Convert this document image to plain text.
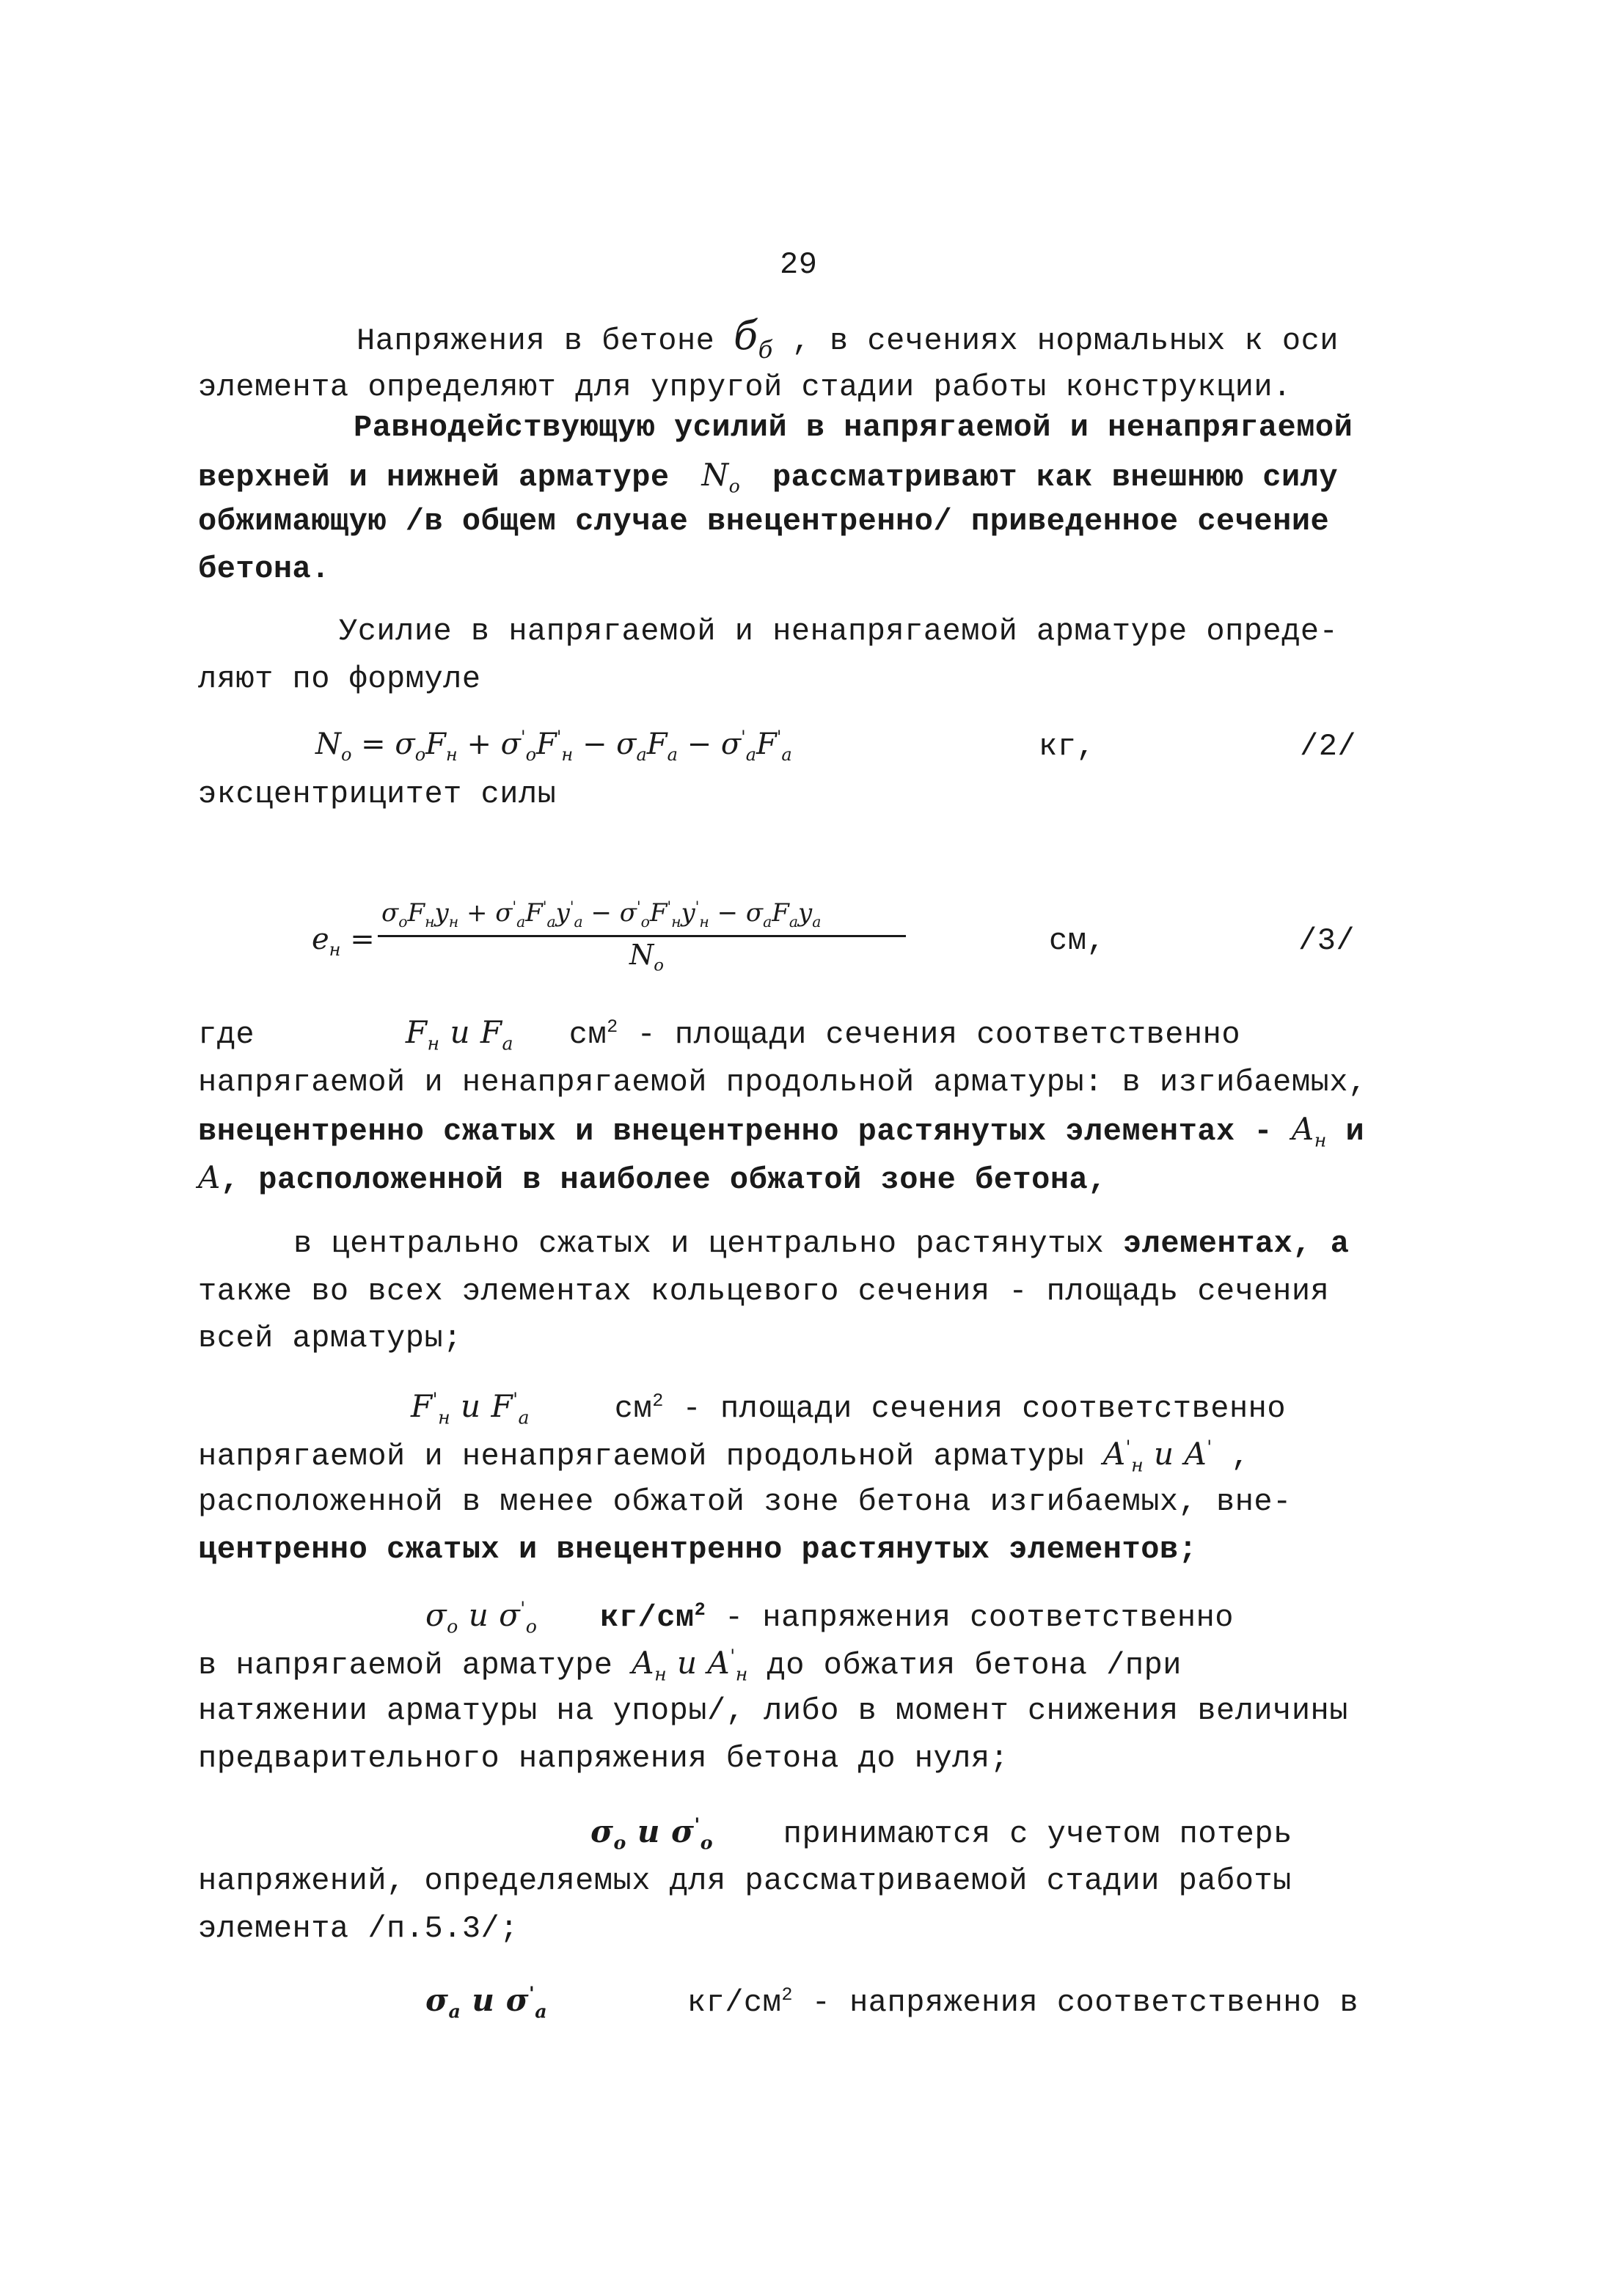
29
Напряжения в бетоне $б_б$ , в сечениях нормальных к оси
элемента определяют для упругой стадии работы конструкции.
Равнодействующую усилий в напрягаемой и ненапрягаемой
верхней и нижней арматуре $N_о$ рассматривают как внешнюю силу
обжимающую /в общем случае внецентренно/ приведенное сечение
бетона.
Усилие в напрягаемой и ненапрягаемой арматуре опреде-
ляют по формуле
$N_o = \sigma_oF_н + \sigma'_oF'_н - \sigma_aF_a - \sigma'_aF'_a$	кг,	/2/
эксцентрицитет силы
$e_н$ =
$\sigma_oF_нy_н + \sigma'_aF'_ay'_a - \sigma'_oF'_нy'_н - \sigma_aF_ay_a$
$N_o$
см,	/3/
где	$F_н$ и $F_a$ $см^2$ - площади сечения соответственно
напрягаемой и ненапрягаемой продольной арматуры: в изгибаемых,
внецентренно сжатых и внецентренно растянутых элементах - $A_н$ и
A, расположенной в наиболее обжатой зоне бетона,
в центрально сжатых и центрально растянутых элементах, а
также во всех элементах кольцевого сечения - площадь сечения
всей арматуры;
$F'_н$ и $F'_a$	$см^2$ - площади сечения соответственно
напрягаемой и ненапрягаемой продольной арматуры $A'_н$ и A' ,
расположенной в менее обжатой зоне бетона изгибаемых, вне-
центренно сжатых и внецентренно растянутых элементов;
$\sigma_o$ и $\sigma'_o$ $кг/см^2$ - напряжения соответственно
в напрягаемой арматуре $A_н$ и $A'_н$ до обжатия бетона /при
натяжении арматуры на упоры/, либо в момент снижения величины
предварительного напряжения бетона до нуля;
$\sigma_o$ и $\sigma'_o$ принимаются с учетом потерь
напряжений, определяемых для рассматриваемой стадии работы
элемента /п.5.3/;
$\sigma_a$ и $\sigma'_a$	$кг/см^2$ - напряжения соответственно в
